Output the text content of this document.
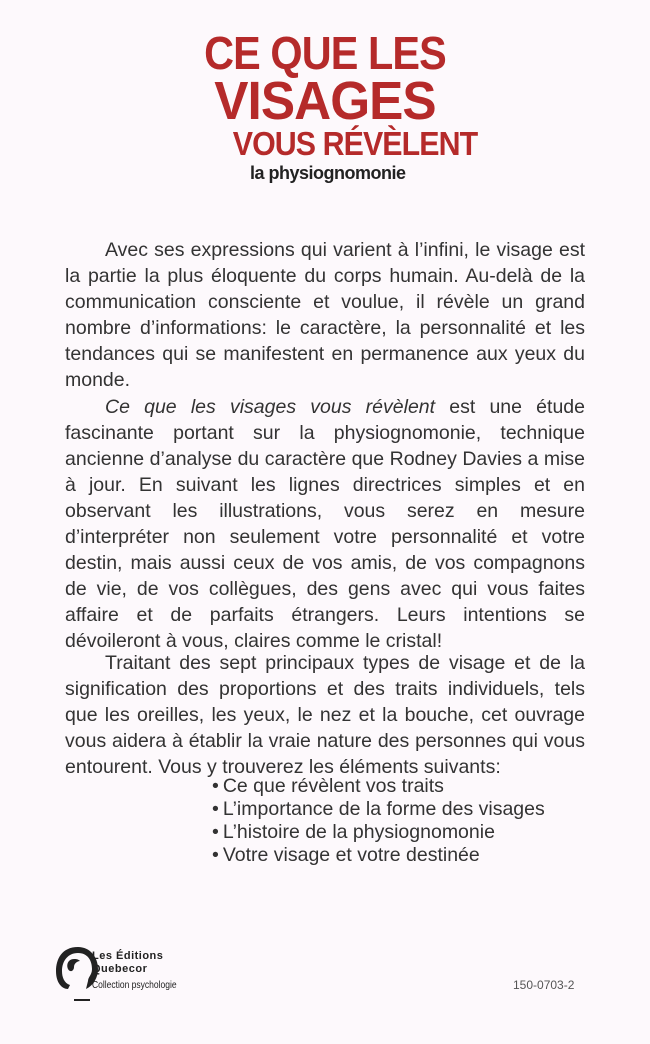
CE QUE LES
VISAGES
VOUS RÉVÈLENT
la physiognomonie

Avec ses expressions qui varient à l’infini, le visage est la partie la plus éloquente du corps humain. Au-delà de la communication consciente et voulue, il révèle un grand nombre d’informations: le caractère, la personnalité et les tendances qui se manifestent en permanence aux yeux du monde.

Ce que les visages vous révèlent est une étude fascinante portant sur la physiognomonie, technique ancienne d’analyse du caractère que Rodney Davies a mise à jour. En suivant les lignes directrices simples et en observant les illustrations, vous serez en mesure d’interpréter non seulement votre personnalité et votre destin, mais aussi ceux de vos amis, de vos compagnons de vie, de vos collègues, des gens avec qui vous faites affaire et de parfaits étrangers. Leurs intentions se dévoileront à vous, claires comme le cristal!

Traitant des sept principaux types de visage et de la signification des proportions et des traits individuels, tels que les oreilles, les yeux, le nez et la bouche, cet ouvrage vous aidera à établir la vraie nature des personnes qui vous entourent. Vous y trouverez les éléments suivants:

• Ce que révèlent vos traits
• L’importance de la forme des visages
• L’histoire de la physiognomonie
• Votre visage et votre destinée
Les Éditions
Quebecor
Collection psychologie	150-0703-2
